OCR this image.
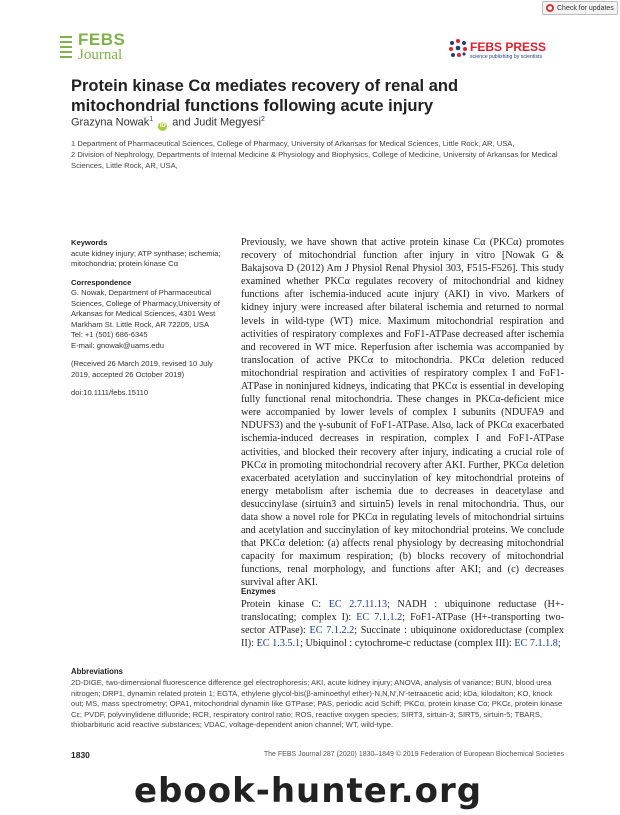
Check for updates
FEBS
Journal	FEBS PRESS
science publishing by scientists
Protein kinase Cα mediates recovery of renal and mitochondrial functions following acute injury
Grazyna Nowak$^1$ iD and Judit Megyesi$^2$

1 Department of Pharmaceutical Sciences, College of Pharmacy, University of Arkansas for Medical Sciences, Little Rock, AR, USA,

2 Division of Nephrology, Departments of Internal Medicine & Physiology and Biophysics, College of Medicine, University of Arkansas for Medical Sciences, Little Rock, AR, USA,

Keywords

acute kidney injury; ATP synthase; ischemia; mitochondria; protein kinase Cα

Correspondence

G. Nowak, Department of Pharmaceutical

Sciences, College of Pharmacy,University of

Arkansas for Medical Sciences, 4301 West

Markham St. Little Rock, AR 72205, USA

Tel: +1 (501) 686-6345

E-mail: gnowak@uams.edu

(Received 26 March 2019, revised 10 July 2019, accepted 26 October 2019)

doi:10.1111/febs.15110

Previously, we have shown that active protein kinase Cα (PKCα) promotes recovery of mitochondrial function after injury in vitro [Nowak G & Bakajsova D (2012) Am J Physiol Renal Physiol 303, F515-F526]. This study examined whether PKCα regulates recovery of mitochondrial and kidney functions after ischemia-induced acute injury (AKI) in vivo. Markers of kidney injury were increased after bilateral ischemia and returned to normal levels in wild-type (WT) mice. Maximum mitochondrial respiration and activities of respiratory complexes and FoF1-ATPase decreased after ischemia and recovered in WT mice. Reperfusion after ischemia was accompanied by translocation of active PKCα to mitochondria. PKCα deletion reduced mitochondrial respiration and activities of respiratory complex I and FoF1-ATPase in noninjured kidneys, indicating that PKCα is essential in developing fully functional renal mitochondria. These changes in PKCα-deficient mice were accompanied by lower levels of complex I subunits (NDUFA9 and NDUFS3) and the γ-subunit of FoF1-ATPase. Also, lack of PKCα exacerbated ischemia-induced decreases in respiration, complex I and FoF1-ATPase activities, and blocked their recovery after injury, indicating a crucial role of PKCα in promoting mitochondrial recovery after AKI. Further, PKCα deletion exacerbated acetylation and succinylation of key mitochondrial proteins of energy metabolism after ischemia due to decreases in deacetylase and desuccinylase (sirtuin3 and sirtuin5) levels in renal mitochondria. Thus, our data show a novel role for PKCα in regulating levels of mitochondrial sirtuins and acetylation and succinylation of key mitochondrial proteins. We conclude that PKCα deletion: (a) affects renal physiology by decreasing mitochondrial capacity for maximum respiration; (b) blocks recovery of mitochondrial functions, renal morphology, and functions after AKI; and (c) decreases survival after AKI.

Enzymes

Protein kinase C: EC 2.7.11.13; NADH : ubiquinone reductase (H+-translocating; complex I): EC 7.1.1.2; FoF1-ATPase (H+-transporting two-sector ATPase): EC 7.1.2.2; Succinate : ubiquinone oxidoreductase (complex II): EC 1.3.5.1; Ubiquinol : cytochrome-c reductase (complex III): EC 7.1.1.8;

Abbreviations

2D-DIGE, two-dimensional fluorescence difference gel electrophoresis; AKI, acute kidney injury; ANOVA, analysis of variance; BUN, blood urea nitrogen; DRP1, dynamin related protein 1; EGTA, ethylene glycol-bis(β-aminoethyl ether)-N,N,N′,N′-tetraacetic acid; kDa, kilodalton; KO, knock out; MS, mass spectrometry; OPA1, mitochondrial dynamin like GTPase; PAS, periodic acid Schiff; PKCα, protein kinase Cα; PKCε, protein kinase Cε; PVDF, polyvinylidene difluoride; RCR, respiratory control ratio; ROS, reactive oxygen species; SIRT3, sirtuin-3; SIRT5, sirtuin-5; TBARS, thiobarbituric acid reactive substances; VDAC, voltage-dependent anion channel; WT, wild-type.

1830	The FEBS Journal 287 (2020) 1830–1849 © 2019 Federation of European Biochemical Societies
ebook-hunter.org
